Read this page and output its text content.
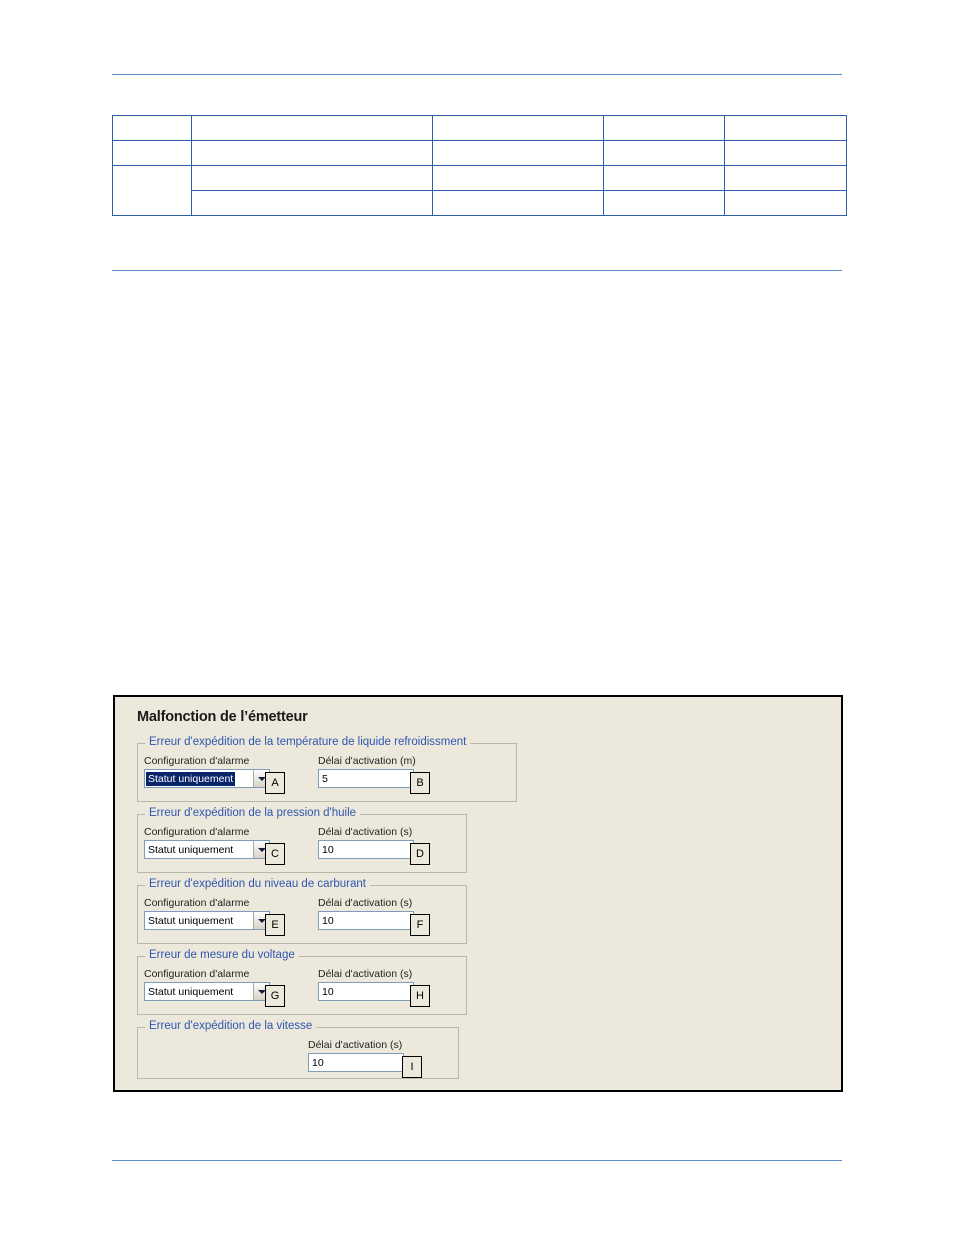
Malfonction de l’émetteur
Erreur d'expédition de la température de liquide refroidissment
Configuration d'alarme	Délai d'activation (m)
Statut uniquement	5
A	B
Erreur d'expédition de la pression d'huile
Configuration d'alarme	Délai d'activation (s)
Statut uniquement	10
C	D
Erreur d'expédition du niveau de carburant
Configuration d'alarme	Délai d'activation (s)
Statut uniquement	10
E	F
Erreur de mesure du voltage
Configuration d'alarme	Délai d'activation (s)
Statut uniquement	10
G	H
Erreur d'expédition de la vitesse
Délai d'activation (s)
10	I
